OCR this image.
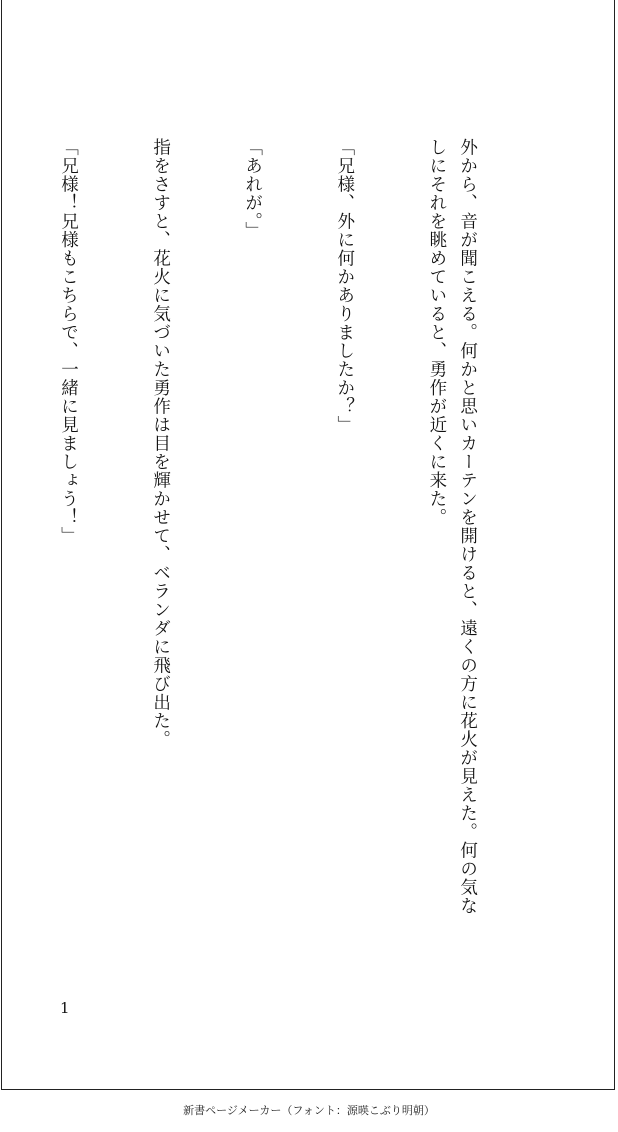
外から、音が聞こえる。何かと思いカーテンを開けると、遠くの方に花火が見えた。何の気なしにそれを眺めていると、勇作が近くに来た。

「兄様、外に何かありましたか？」

「あれが。」

指をさすと、花火に気づいた勇作は目を輝かせて、ベランダに飛び出た。

「兄様！兄様もこちらで、一緒に見ましょう！」

1
新書ページメーカー（フォント：源暎こぶり明朝）
